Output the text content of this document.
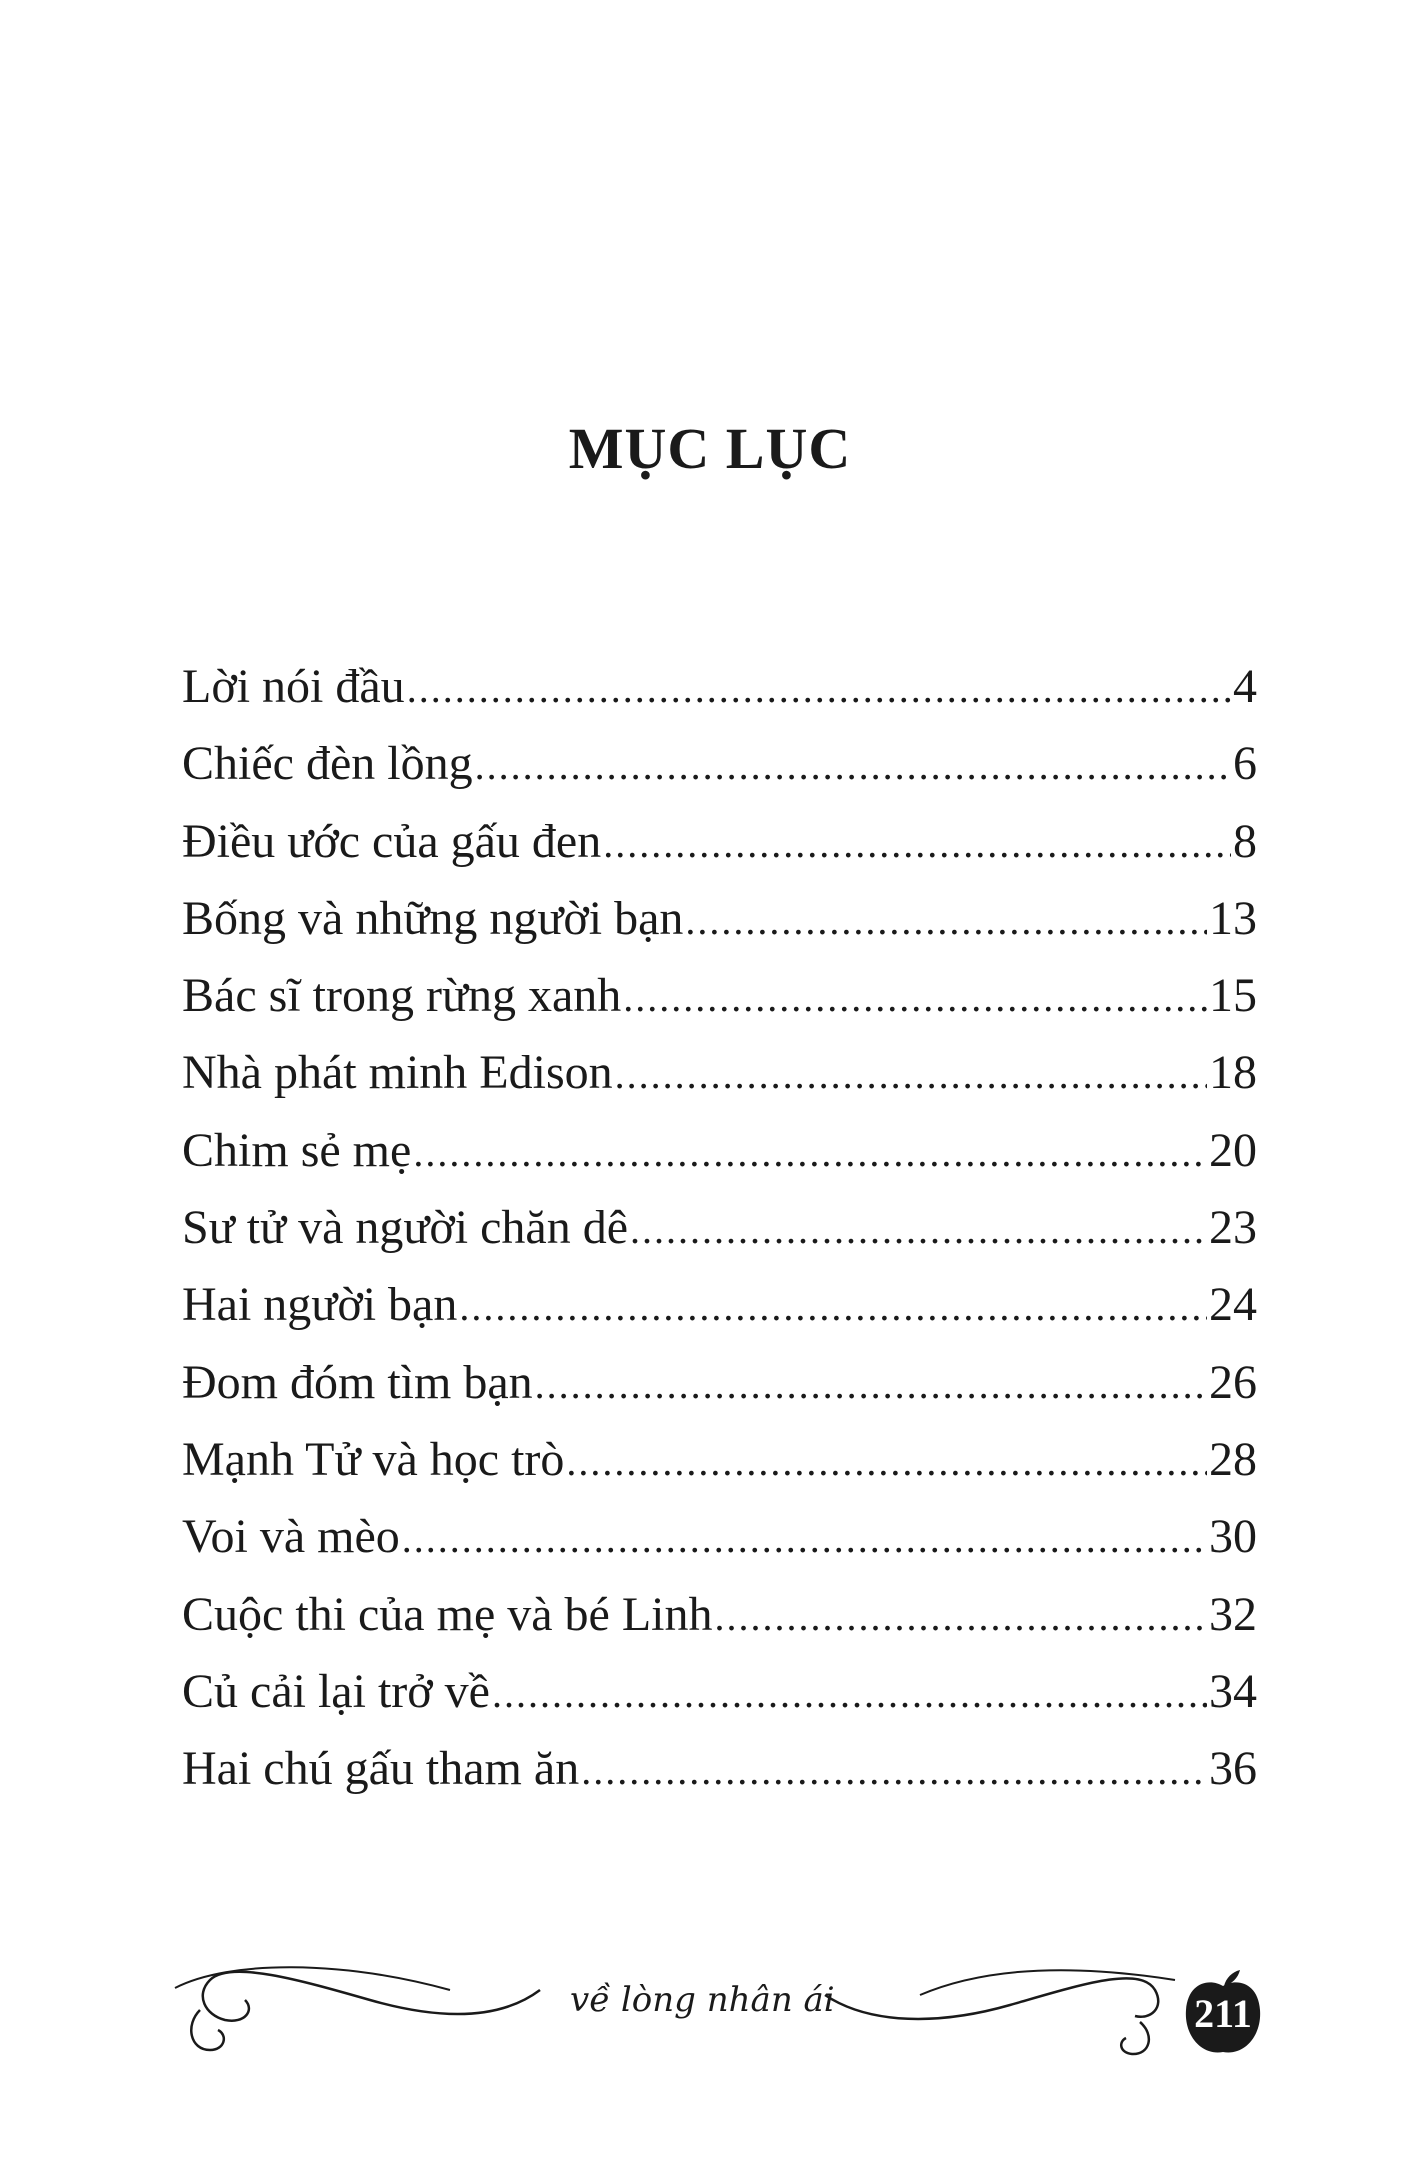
MỤC LỤC
Lời nói đầu .....	4
Chiếc đèn lồng .....	6
Điều ước của gấu đen .....	8
Bống và những người bạn .....	13
Bác sĩ trong rừng xanh .....	15
Nhà phát minh Edison .....	18
Chim sẻ mẹ .....	20
Sư tử và người chăn dê .....	23
Hai người bạn .....	24
Đom đóm tìm bạn .....	26
Mạnh Tử và học trò .....	28
Voi và mèo .....	30
Cuộc thi của mẹ và bé Linh .....	32
Củ cải lại trở về .....	34
Hai chú gấu tham ăn .....	36
về lòng nhân ái	211
